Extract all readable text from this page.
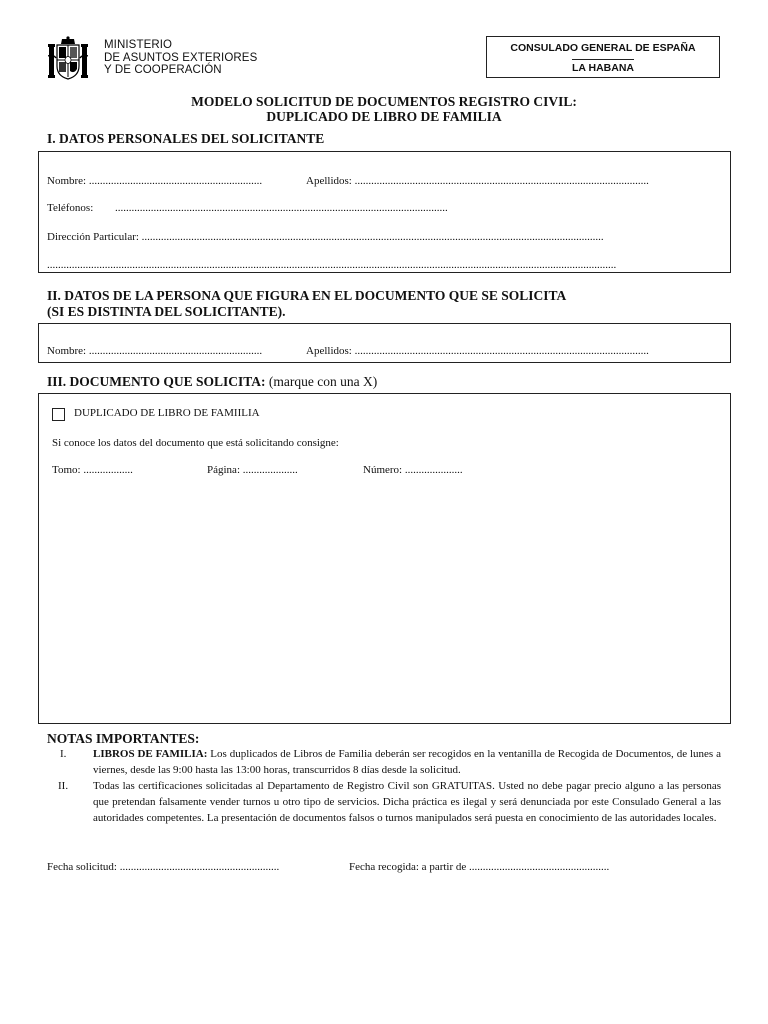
MINISTERIO
DE ASUNTOS EXTERIORES
Y DE COOPERACIÓN
CONSULADO GENERAL DE ESPAÑA
LA HABANA
MODELO SOLICITUD DE DOCUMENTOS REGISTRO CIVIL:
DUPLICADO DE LIBRO DE FAMILIA
I. DATOS PERSONALES DEL SOLICITANTE
Nombre: ...............................................................	Apellidos: ...........................................................................................................
Teléfonos: .........................................................................................................................
Dirección Particular: ........................................................................................................................................................................
...............................................................................................................................................................................................................
II. DATOS DE LA PERSONA QUE FIGURA EN EL DOCUMENTO QUE SE SOLICITA
(SI ES DISTINTA DEL SOLICITANTE).
Nombre: ...............................................................	Apellidos: ...........................................................................................................
III. DOCUMENTO QUE SOLICITA: (marque con una X)
DUPLICADO DE LIBRO DE FAMIILIA
Si conoce los datos del documento que está solicitando consigne:
Tomo: ..................	Página: ....................	Número: .....................
NOTAS IMPORTANTES:
I. LIBROS DE FAMILIA: Los duplicados de Libros de Familia deberán ser recogidos en la ventanilla de Recogida de Documentos, de lunes a viernes, desde las 9:00 hasta las 13:00 horas, transcurridos 8 días desde la solicitud.
II. Todas las certificaciones solicitadas al Departamento de Registro Civil son GRATUITAS. Usted no debe pagar precio alguno a las personas que pretendan falsamente vender turnos u otro tipo de servicios. Dicha práctica es ilegal y será denunciada por este Consulado General a las autoridades competentes. La presentación de documentos falsos o turnos manipulados será puesta en conocimiento de las autoridades locales.
Fecha solicitud: ..........................................................	Fecha recogida: a partir de ...................................................
